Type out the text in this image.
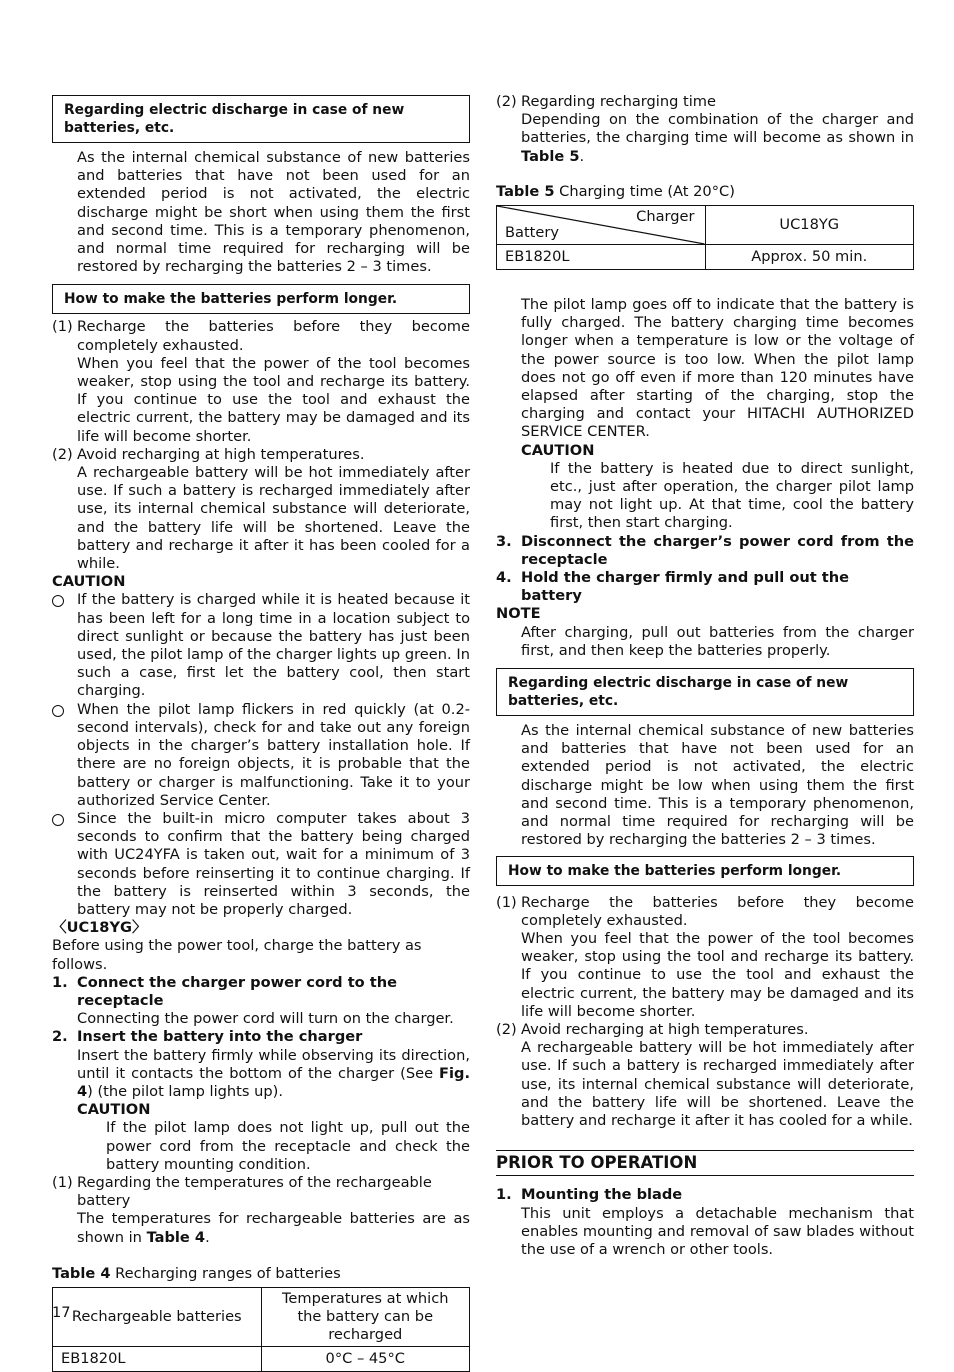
Regarding electric discharge in case of new batteries, etc.

As the internal chemical substance of new batteries and batteries that have not been used for an extended period is not activated, the electric discharge might be short when using them the first and second time. This is a temporary phenomenon, and normal time required for recharging will be restored by recharging the batteries 2 – 3 times.

How to make the batteries perform longer.
(1) Recharge the batteries before they become completely exhausted.

When you feel that the power of the tool becomes weaker, stop using the tool and recharge its battery. If you continue to use the tool and exhaust the electric current, the battery may be damaged and its life will become shorter.

(2) Avoid recharging at high temperatures.

A rechargeable battery will be hot immediately after use. If such a battery is recharged immediately after use, its internal chemical substance will deteriorate, and the battery life will be shortened. Leave the battery and recharge it after it has been cooled for a while.

CAUTION

If the battery is charged while it is heated because it has been left for a long time in a location subject to direct sunlight or because the battery has just been used, the pilot lamp of the charger lights up green. In such a case, first let the battery cool, then start charging.

When the pilot lamp flickers in red quickly (at 0.2-second intervals), check for and take out any foreign objects in the charger’s battery installation hole. If there are no foreign objects, it is probable that the battery or charger is malfunctioning. Take it to your authorized Service Center.

Since the built-in micro computer takes about 3 seconds to confirm that the battery being charged with UC24YFA is taken out, wait for a minimum of 3 seconds before reinserting it to continue charging. If the battery is reinserted within 3 seconds, the battery may not be properly charged.

〈UC18YG〉

Before using the power tool, charge the battery as follows.

1. Connect the charger power cord to the receptacle

Connecting the power cord will turn on the charger.

2. Insert the battery into the charger

Insert the battery firmly while observing its direction, until it contacts the bottom of the charger (See Fig. 4) (the pilot lamp lights up).

CAUTION

If the pilot lamp does not light up, pull out the power cord from the receptacle and check the battery mounting condition.

(1) Regarding the temperatures of the rechargeable battery

The temperatures for rechargeable batteries are as shown in Table 4.

Table 4 Recharging ranges of batteries

Rechargeable batteries	Temperatures at which the battery can be recharged
EB1820L	0°C – 45°C
(2) Regarding recharging time

Depending on the combination of the charger and batteries, the charging time will become as shown in Table 5.

Table 5 Charging time (At 20°C)

Charger
Battery	UC18YG
EB1820L	Approx. 50 min.

The pilot lamp goes off to indicate that the battery is fully charged. The battery charging time becomes longer when a temperature is low or the voltage of the power source is too low. When the pilot lamp does not go off even if more than 120 minutes have elapsed after starting of the charging, stop the charging and contact your HITACHI AUTHORIZED SERVICE CENTER.

CAUTION

If the battery is heated due to direct sunlight, etc., just after operation, the charger pilot lamp may not light up. At that time, cool the battery first, then start charging.

3. Disconnect the charger’s power cord from the receptacle

4. Hold the charger firmly and pull out the battery

NOTE

After charging, pull out batteries from the charger first, and then keep the batteries properly.

Regarding electric discharge in case of new batteries, etc.

As the internal chemical substance of new batteries and batteries that have not been used for an extended period is not activated, the electric discharge might be low when using them the first and second time. This is a temporary phenomenon, and normal time required for recharging will be restored by recharging the batteries 2 – 3 times.

How to make the batteries perform longer.
(1) Recharge the batteries before they become completely exhausted.

When you feel that the power of the tool becomes weaker, stop using the tool and recharge its battery. If you continue to use the tool and exhaust the electric current, the battery may be damaged and its life will become shorter.

(2) Avoid recharging at high temperatures.

A rechargeable battery will be hot immediately after use. If such a battery is recharged immediately after use, its internal chemical substance will deteriorate, and the battery life will be shortened. Leave the battery and recharge it after it has cooled for a while.

PRIOR TO OPERATION
1. Mounting the blade

This unit employs a detachable mechanism that enables mounting and removal of saw blades without the use of a wrench or other tools.

17
